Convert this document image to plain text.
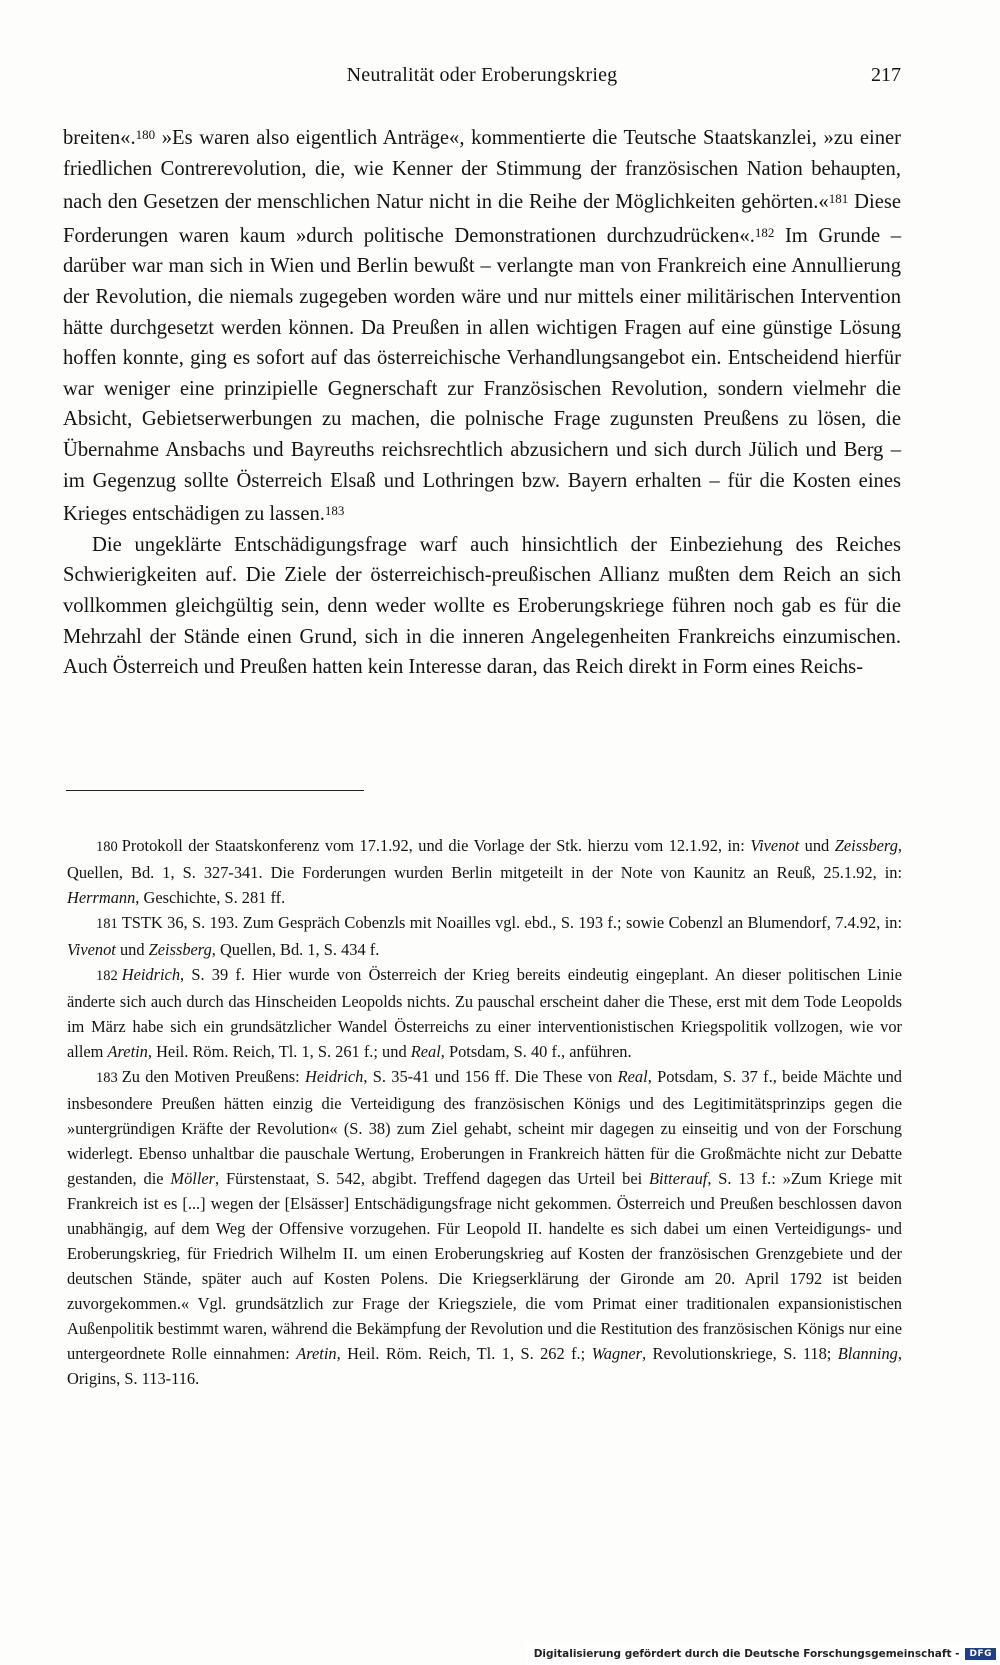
Neutralität oder Eroberungskrieg	217

breiten«.$^{180}$ »Es waren also eigentlich Anträge«, kommentierte die Teutsche Staatskanzlei, »zu einer friedlichen Contrerevolution, die, wie Kenner der Stimmung der französischen Nation behaupten, nach den Gesetzen der menschlichen Natur nicht in die Reihe der Möglichkeiten gehörten.«$^{181}$ Diese Forderungen waren kaum »durch politische Demonstrationen durchzudrücken«.$^{182}$ Im Grunde – darüber war man sich in Wien und Berlin bewußt – verlangte man von Frankreich eine Annullierung der Revolution, die niemals zugegeben worden wäre und nur mittels einer militärischen Intervention hätte durchgesetzt werden können. Da Preußen in allen wichtigen Fragen auf eine günstige Lösung hoffen konnte, ging es sofort auf das österreichische Verhandlungsangebot ein. Entscheidend hierfür war weniger eine prinzipielle Gegnerschaft zur Französischen Revolution, sondern vielmehr die Absicht, Gebietserwerbungen zu machen, die polnische Frage zugunsten Preußens zu lösen, die Übernahme Ansbachs und Bayreuths reichsrechtlich abzusichern und sich durch Jülich und Berg – im Gegenzug sollte Österreich Elsaß und Lothringen bzw. Bayern erhalten – für die Kosten eines Krieges entschädigen zu lassen.$^{183}$

Die ungeklärte Entschädigungsfrage warf auch hinsichtlich der Einbeziehung des Reiches Schwierigkeiten auf. Die Ziele der österreichisch-preußischen Allianz mußten dem Reich an sich vollkommen gleichgültig sein, denn weder wollte es Eroberungskriege führen noch gab es für die Mehrzahl der Stände einen Grund, sich in die inneren Angelegenheiten Frankreichs einzumischen. Auch Österreich und Preußen hatten kein Interesse daran, das Reich direkt in Form eines Reichs-

180 Protokoll der Staatskonferenz vom 17.1.92, und die Vorlage der Stk. hierzu vom 12.1.92, in: Vivenot und Zeissberg, Quellen, Bd. 1, S. 327-341. Die Forderungen wurden Berlin mitgeteilt in der Note von Kaunitz an Reuß, 25.1.92, in: Herrmann, Geschichte, S. 281 ff.

181 TSTK 36, S. 193. Zum Gespräch Cobenzls mit Noailles vgl. ebd., S. 193 f.; sowie Cobenzl an Blumendorf, 7.4.92, in: Vivenot und Zeissberg, Quellen, Bd. 1, S. 434 f.

182 Heidrich, S. 39 f. Hier wurde von Österreich der Krieg bereits eindeutig eingeplant. An dieser politischen Linie änderte sich auch durch das Hinscheiden Leopolds nichts. Zu pauschal erscheint daher die These, erst mit dem Tode Leopolds im März habe sich ein grundsätzlicher Wandel Österreichs zu einer interventionistischen Kriegspolitik vollzogen, wie vor allem Aretin, Heil. Röm. Reich, Tl. 1, S. 261 f.; und Real, Potsdam, S. 40 f., anführen.

183 Zu den Motiven Preußens: Heidrich, S. 35-41 und 156 ff. Die These von Real, Potsdam, S. 37 f., beide Mächte und insbesondere Preußen hätten einzig die Verteidigung des französischen Königs und des Legitimitätsprinzips gegen die »untergründigen Kräfte der Revolution« (S. 38) zum Ziel gehabt, scheint mir dagegen zu einseitig und von der Forschung widerlegt. Ebenso unhaltbar die pauschale Wertung, Eroberungen in Frankreich hätten für die Großmächte nicht zur Debatte gestanden, die Möller, Fürstenstaat, S. 542, abgibt. Treffend dagegen das Urteil bei Bitterauf, S. 13 f.: »Zum Kriege mit Frankreich ist es [...] wegen der [Elsässer] Entschädigungsfrage nicht gekommen. Österreich und Preußen beschlossen davon unabhängig, auf dem Weg der Offensive vorzugehen. Für Leopold II. handelte es sich dabei um einen Verteidigungs- und Eroberungskrieg, für Friedrich Wilhelm II. um einen Eroberungskrieg auf Kosten der französischen Grenzgebiete und der deutschen Stände, später auch auf Kosten Polens. Die Kriegserklärung der Gironde am 20. April 1792 ist beiden zuvorgekommen.« Vgl. grundsätzlich zur Frage der Kriegsziele, die vom Primat einer traditionalen expansionistischen Außenpolitik bestimmt waren, während die Bekämpfung der Revolution und die Restitution des französischen Königs nur eine untergeordnete Rolle einnahmen: Aretin, Heil. Röm. Reich, Tl. 1, S. 262 f.; Wagner, Revolutionskriege, S. 118; Blanning, Origins, S. 113-116.

Digitalisierung gefördert durch die Deutsche Forschungsgemeinschaft -	DFG
